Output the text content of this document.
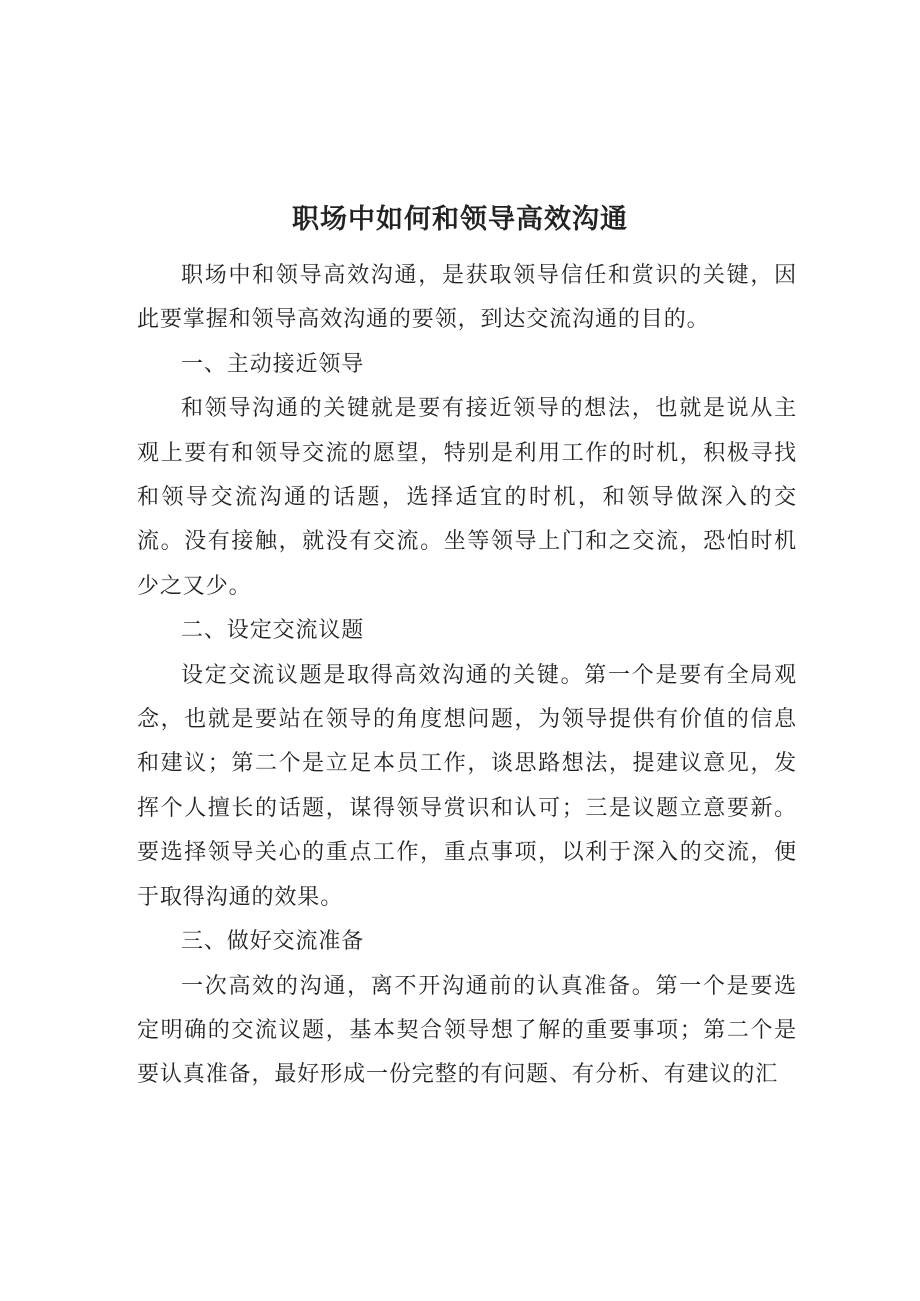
职场中如何和领导高效沟通

职场中和领导高效沟通，是获取领导信任和赏识的关键，因此要掌握和领导高效沟通的要领，到达交流沟通的目的。

一、主动接近领导

和领导沟通的关键就是要有接近领导的想法，也就是说从主观上要有和领导交流的愿望，特别是利用工作的时机，积极寻找和领导交流沟通的话题，选择适宜的时机，和领导做深入的交流。没有接触，就没有交流。坐等领导上门和之交流，恐怕时机少之又少。

二、设定交流议题

设定交流议题是取得高效沟通的关键。第一个是要有全局观念，也就是要站在领导的角度想问题，为领导提供有价值的信息和建议；第二个是立足本员工作，谈思路想法，提建议意见，发挥个人擅长的话题，谋得领导赏识和认可；三是议题立意要新。要选择领导关心的重点工作，重点事项，以利于深入的交流，便于取得沟通的效果。

三、做好交流准备

一次高效的沟通，离不开沟通前的认真准备。第一个是要选定明确的交流议题，基本契合领导想了解的重要事项；第二个是要认真准备，最好形成一份完整的有问题、有分析、有建议的汇
